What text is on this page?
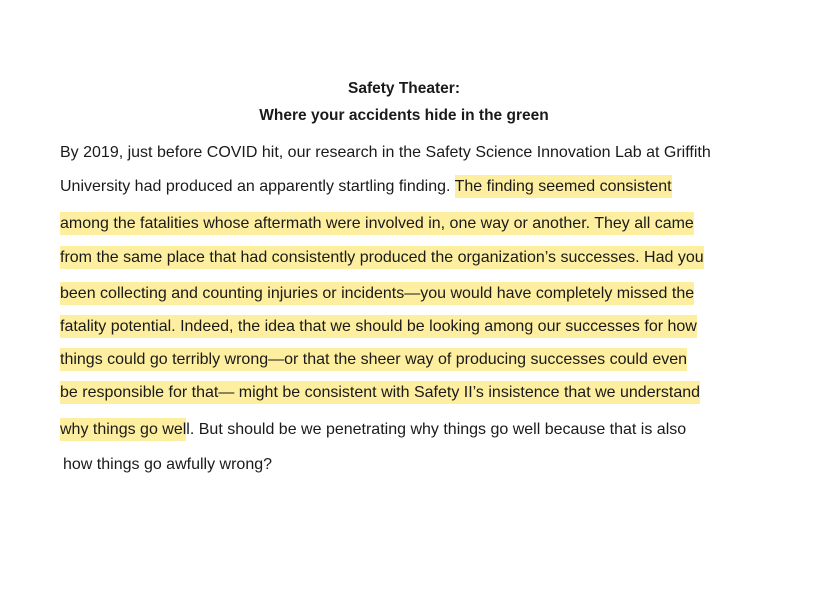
Safety Theater:
Where your accidents hide in the green
By 2019, just before COVID hit, our research in the Safety Science Innovation Lab at Griffith
University had produced an apparently startling finding. The finding seemed consistent
among the fatalities whose aftermath were involved in, one way or another. They all came
from the same place that had consistently produced the organization’s successes. Had you
been collecting and counting injuries or incidents—you would have completely missed the
fatality potential. Indeed, the idea that we should be looking among our successes for how
things could go terribly wrong—or that the sheer way of producing successes could even
be responsible for that— might be consistent with Safety II’s insistence that we understand
why things go well. But should be we penetrating why things go well because that is also
how things go awfully wrong?
